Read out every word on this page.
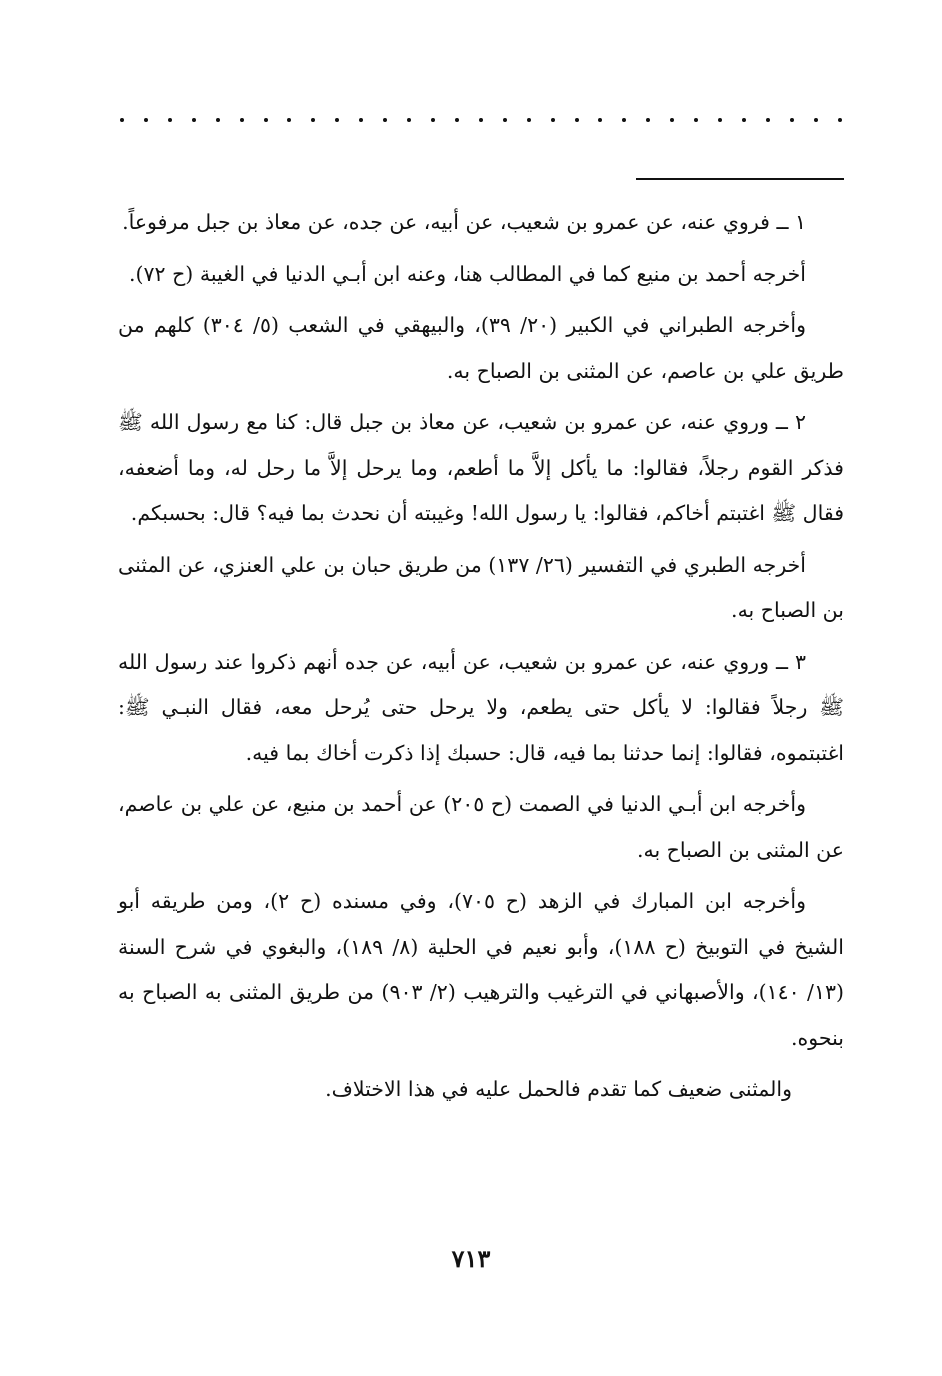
١ ــ فروي عنه، عن عمرو بن شعيب، عن أبيه، عن جده، عن معاذ بن جبل مرفوعاً.

أخرجه أحمد بن منيع كما في المطالب هنا، وعنه ابن أبـي الدنيا في الغيبة (ح ٧٢).

وأخرجه الطبراني في الكبير (٢٠/ ٣٩)، والبيهقي في الشعب (٥/ ٣٠٤) كلهم من طريق علي بن عاصم، عن المثنى بن الصباح به.

٢ ــ وروي عنه، عن عمرو بن شعيب، عن معاذ بن جبل قال: كنا مع رسول الله ﷺ فذكر القوم رجلاً، فقالوا: ما يأكل إلاَّ ما أطعم، وما يرحل إلاَّ ما رحل له، وما أضعفه، فقال ﷺ اغتبتم أخاكم، فقالوا: يا رسول الله! وغيبته أن نحدث بما فيه؟ قال: بحسبكم.

أخرجه الطبري في التفسير (٢٦/ ١٣٧) من طريق حبان بن علي العنزي، عن المثنى بن الصباح به.

٣ ــ وروي عنه، عن عمرو بن شعيب، عن أبيه، عن جده أنهم ذكروا عند رسول الله ﷺ رجلاً فقالوا: لا يأكل حتى يطعم، ولا يرحل حتى يُرحل معه، فقال النبـي ﷺ: اغتبتموه، فقالوا: إنما حدثنا بما فيه، قال: حسبك إذا ذكرت أخاك بما فيه.

وأخرجه ابن أبـي الدنيا في الصمت (ح ٢٠٥) عن أحمد بن منيع، عن علي بن عاصم، عن المثنى بن الصباح به.

وأخرجه ابن المبارك في الزهد (ح ٧٠٥)، وفي مسنده (ح ٢)، ومن طريقه أبو الشيخ في التوبيخ (ح ١٨٨)، وأبو نعيم في الحلية (٨/ ١٨٩)، والبغوي في شرح السنة (١٣/ ١٤٠)، والأصبهاني في الترغيب والترهيب (٢/ ٩٠٣) من طريق المثنى به الصباح به بنحوه.

والمثنى ضعيف كما تقدم فالحمل عليه في هذا الاختلاف.

٧١٣
